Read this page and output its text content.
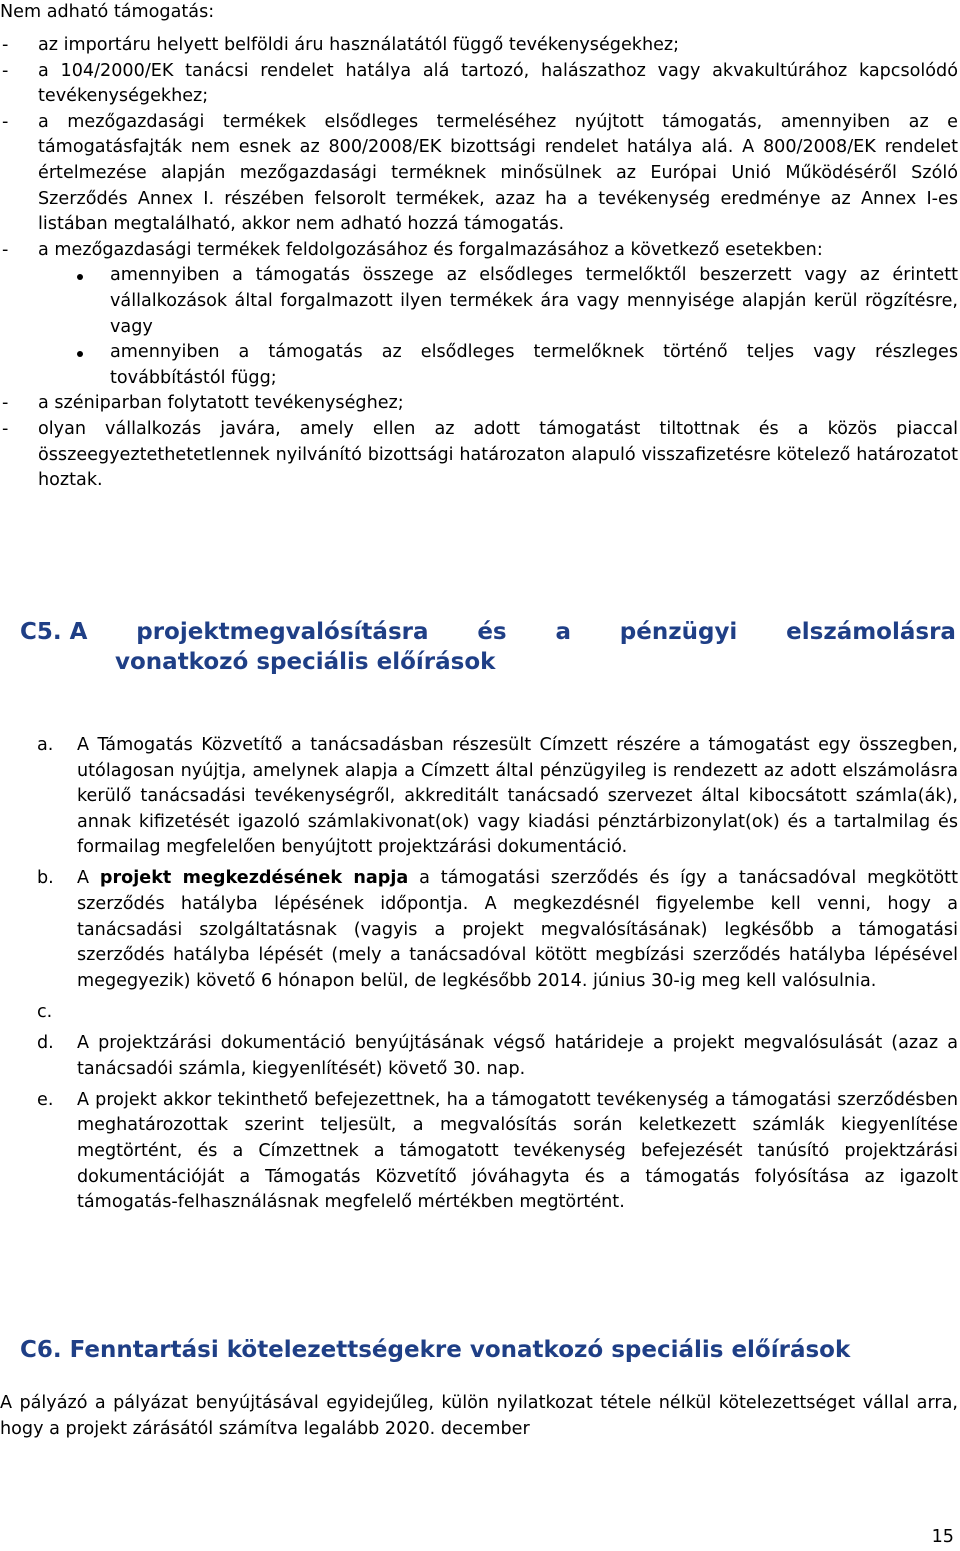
Nem adható támogatás:

- az importáru helyett belföldi áru használatától függő tevékenységekhez;
- a 104/2000/EK tanácsi rendelet hatálya alá tartozó, halászathoz vagy akvakultúrához kapcsolódó tevékenységekhez;
- a mezőgazdasági termékek elsődleges termeléséhez nyújtott támogatás, amennyiben az e támogatásfajták nem esnek az 800/2008/EK bizottsági rendelet hatálya alá. A 800/2008/EK rendelet értelmezése alapján mezőgazdasági terméknek minősülnek az Európai Unió Működéséről Szóló Szerződés Annex I. részében felsorolt termékek, azaz ha a tevékenység eredménye az Annex I-es listában megtalálható, akkor nem adható hozzá támogatás.
- a mezőgazdasági termékek feldolgozásához és forgalmazásához a következő esetekben:
amennyiben a támogatás összege az elsődleges termelőktől beszerzett vagy az érintett vállalkozások által forgalmazott ilyen termékek ára vagy mennyisége alapján kerül rögzítésre, vagy
amennyiben a támogatás az elsődleges termelőknek történő teljes vagy részleges továbbítástól függ;
- a széniparban folytatott tevékenységhez;
- olyan vállalkozás javára, amely ellen az adott támogatást tiltottnak és a közös piaccal összeegyeztethetetlennek nyilvánító bizottsági határozaton alapuló visszafizetésre kötelező határozatot hoztak.
C5. A projektmegvalósításra és a pénzügyi elszámolásra
vonatkozó speciális előírások
a. A Támogatás Közvetítő a tanácsadásban részesült Címzett részére a támogatást egy összegben, utólagosan nyújtja, amelynek alapja a Címzett által pénzügyileg is rendezett az adott elszámolásra kerülő tanácsadási tevékenységről, akkreditált tanácsadó szervezet által kibocsátott számla(ák), annak kifizetését igazoló számlakivonat(ok) vagy kiadási pénztárbizonylat(ok) és a tartalmilag és formailag megfelelően benyújtott projektzárási dokumentáció.
b. A projekt megkezdésének napja a támogatási szerződés és így a tanácsadóval megkötött szerződés hatályba lépésének időpontja. A megkezdésnél figyelembe kell venni, hogy a tanácsadási szolgáltatásnak (vagyis a projekt megvalósításának) legkésőbb a támogatási szerződés hatályba lépését (mely a tanácsadóval kötött megbízási szerződés hatályba lépésével megegyezik) követő 6 hónapon belül, de legkésőbb 2014. június 30-ig meg kell valósulnia.
c.

d. A projektzárási dokumentáció benyújtásának végső határideje a projekt megvalósulását (azaz a tanácsadói számla, kiegyenlítését) követő 30. nap.
e. A projekt akkor tekinthető befejezettnek, ha a támogatott tevékenység a támogatási szerződésben meghatározottak szerint teljesült, a megvalósítás során keletkezett számlák kiegyenlítése megtörtént, és a Címzettnek a támogatott tevékenység befejezését tanúsító projektzárási dokumentációját a Támogatás Közvetítő jóváhagyta és a támogatás folyósítása az igazolt támogatás-felhasználásnak megfelelő mértékben megtörtént.
C6. Fenntartási kötelezettségekre vonatkozó speciális előírások

A pályázó a pályázat benyújtásával egyidejűleg, külön nyilatkozat tétele nélkül kötelezettséget vállal arra, hogy a projekt zárásától számítva legalább 2020. december

15
